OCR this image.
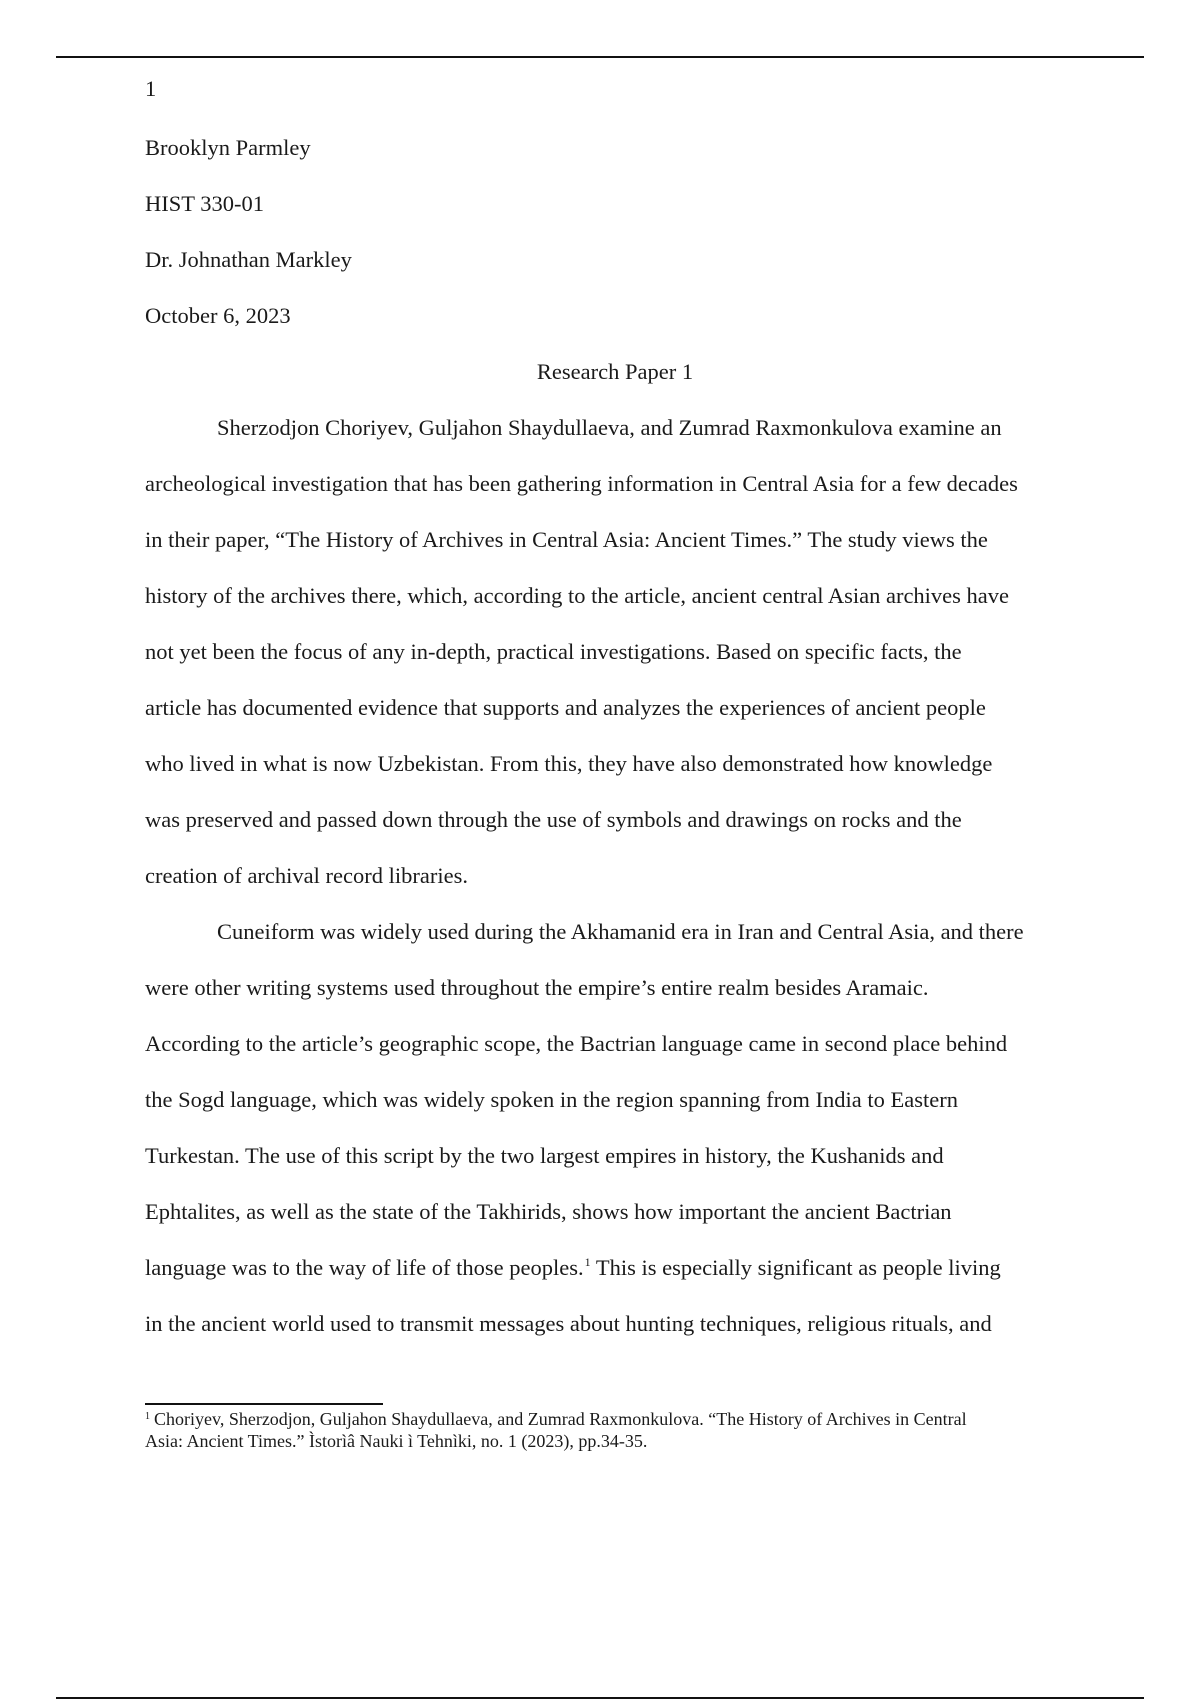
1
Brooklyn Parmley
HIST 330-01
Dr. Johnathan Markley
October 6, 2023
Research Paper 1
Sherzodjon Choriyev, Guljahon Shaydullaeva, and Zumrad Raxmonkulova examine an
archeological investigation that has been gathering information in Central Asia for a few decades
in their paper, “The History of Archives in Central Asia: Ancient Times.” The study views the
history of the archives there, which, according to the article, ancient central Asian archives have
not yet been the focus of any in-depth, practical investigations. Based on specific facts, the
article has documented evidence that supports and analyzes the experiences of ancient people
who lived in what is now Uzbekistan. From this, they have also demonstrated how knowledge
was preserved and passed down through the use of symbols and drawings on rocks and the
creation of archival record libraries.
Cuneiform was widely used during the Akhamanid era in Iran and Central Asia, and there
were other writing systems used throughout the empire’s entire realm besides Aramaic.
According to the article’s geographic scope, the Bactrian language came in second place behind
the Sogd language, which was widely spoken in the region spanning from India to Eastern
Turkestan. The use of this script by the two largest empires in history, the Kushanids and
Ephtalites, as well as the state of the Takhirids, shows how important the ancient Bactrian
language was to the way of life of those peoples.$^1$ This is especially significant as people living
in the ancient world used to transmit messages about hunting techniques, religious rituals, and
$^1$ Choriyev, Sherzodjon, Guljahon Shaydullaeva, and Zumrad Raxmonkulova. “The History of Archives in Central
Asia: Ancient Times.” Ìstorìâ Nauki ì Tehnìki, no. 1 (2023), pp.34-35.
